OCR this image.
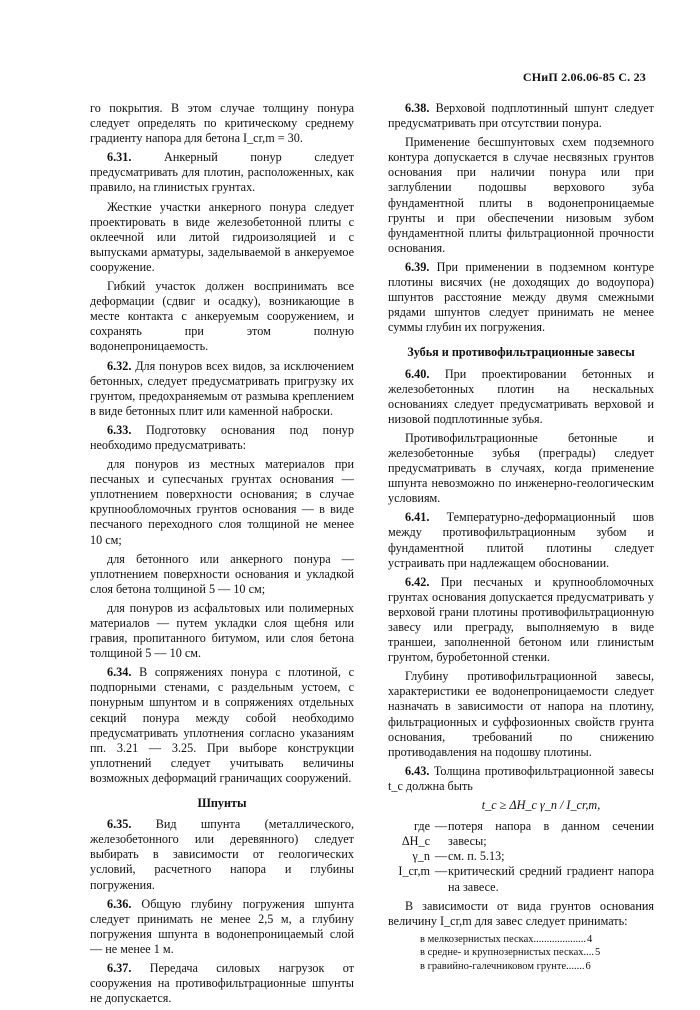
СНиП 2.06.06-85 С. 23

го покрытия. В этом случае толщину понура следует определять по критическому среднему градиенту напора для бетона I_cr,m = 30.

6.31. Анкерный понур следует предусматривать для плотин, расположенных, как правило, на глинистых грунтах.

Жесткие участки анкерного понура следует проектировать в виде железобетонной плиты с оклеечной или литой гидроизоляцией и с выпусками арматуры, заделываемой в анкеруемое сооружение.

Гибкий участок должен воспринимать все деформации (сдвиг и осадку), возникающие в месте контакта с анкеруемым сооружением, и сохранять при этом полную водонепроницаемость.

6.32. Для понуров всех видов, за исключением бетонных, следует предусматривать пригрузку их грунтом, предохраняемым от размыва креплением в виде бетонных плит или каменной наброски.

6.33. Подготовку основания под понур необходимо предусматривать:

для понуров из местных материалов при песчаных и супесчаных грунтах основания — уплотнением поверхности основания; в случае крупнообломочных грунтов основания — в виде песчаного переходного слоя толщиной не менее 10 см;

для бетонного или анкерного понура — уплотнением поверхности основания и укладкой слоя бетона толщиной 5 — 10 см;

для понуров из асфальтовых или полимерных материалов — путем укладки слоя щебня или гравия, пропитанного битумом, или слоя бетона толщиной 5 — 10 см.

6.34. В сопряжениях понура с плотиной, с подпорными стенами, с раздельным устоем, с понурным шпунтом и в сопряжениях отдельных секций понура между собой необходимо предусматривать уплотнения согласно указаниям пп. 3.21 — 3.25. При выборе конструкции уплотнений следует учитывать величины возможных деформаций граничащих сооружений.

Шпунты

6.35. Вид шпунта (металлического, железобетонного или деревянного) следует выбирать в зависимости от геологических условий, расчетного напора и глубины погружения.

6.36. Общую глубину погружения шпунта следует принимать не менее 2,5 м, а глубину погружения шпунта в водонепроницаемый слой — не менее 1 м.

6.37. Передача силовых нагрузок от сооружения на противофильтрационные шпунты не допускается.

6.38. Верховой подплотинный шпунт следует предусматривать при отсутствии понура.

Применение бесшпунтовых схем подземного контура допускается в случае несвязных грунтов основания при наличии понура или при заглублении подошвы верхового зуба фундаментной плиты в водонепроницаемые грунты и при обеспечении низовым зубом фундаментной плиты фильтрационной прочности основания.

6.39. При применении в подземном контуре плотины висячих (не доходящих до водоупора) шпунтов расстояние между двумя смежными рядами шпунтов следует принимать не менее суммы глубин их погружения.

Зубья и противофильтрационные завесы

6.40. При проектировании бетонных и железобетонных плотин на нескальных основаниях следует предусматривать верховой и низовой подплотинные зубья.

Противофильтрационные бетонные и железобетонные зубья (преграды) следует предусматривать в случаях, когда применение шпунта невозможно по инженерно-геологическим условиям.

6.41. Температурно-деформационный шов между противофильтрационным зубом и фундаментной плитой плотины следует устраивать при надлежащем обосновании.

6.42. При песчаных и крупнообломочных грунтах основания допускается предусматривать у верховой грани плотины противофильтрационную завесу или преграду, выполняемую в виде траншеи, заполненной бетоном или глинистым грунтом, буробетонной стенки.

Глубину противофильтрационной завесы, характеристики ее водонепроницаемости следует назначать в зависимости от напора на плотину, фильтрационных и суффозионных свойств грунта основания, требований по снижению противодавления на подошву плотины.

6.43. Толщина противофильтрационной завесы t_c должна быть

t_c ≥ ΔH_c γ_n / I_cr,m,
где ΔH_c	—	потеря напора в данном сечении завесы;
γ_n	—	см. п. 5.13;
I_cr,m	—	критический средний градиент напора на завесе.

В зависимости от вида грунтов основания величину I_cr,m для завес следует принимать:

в мелкозернистых песках .................... 4
в средне- и крупнозернистых песках .... 5
в гравийно-галечниковом грунте ....... 6
